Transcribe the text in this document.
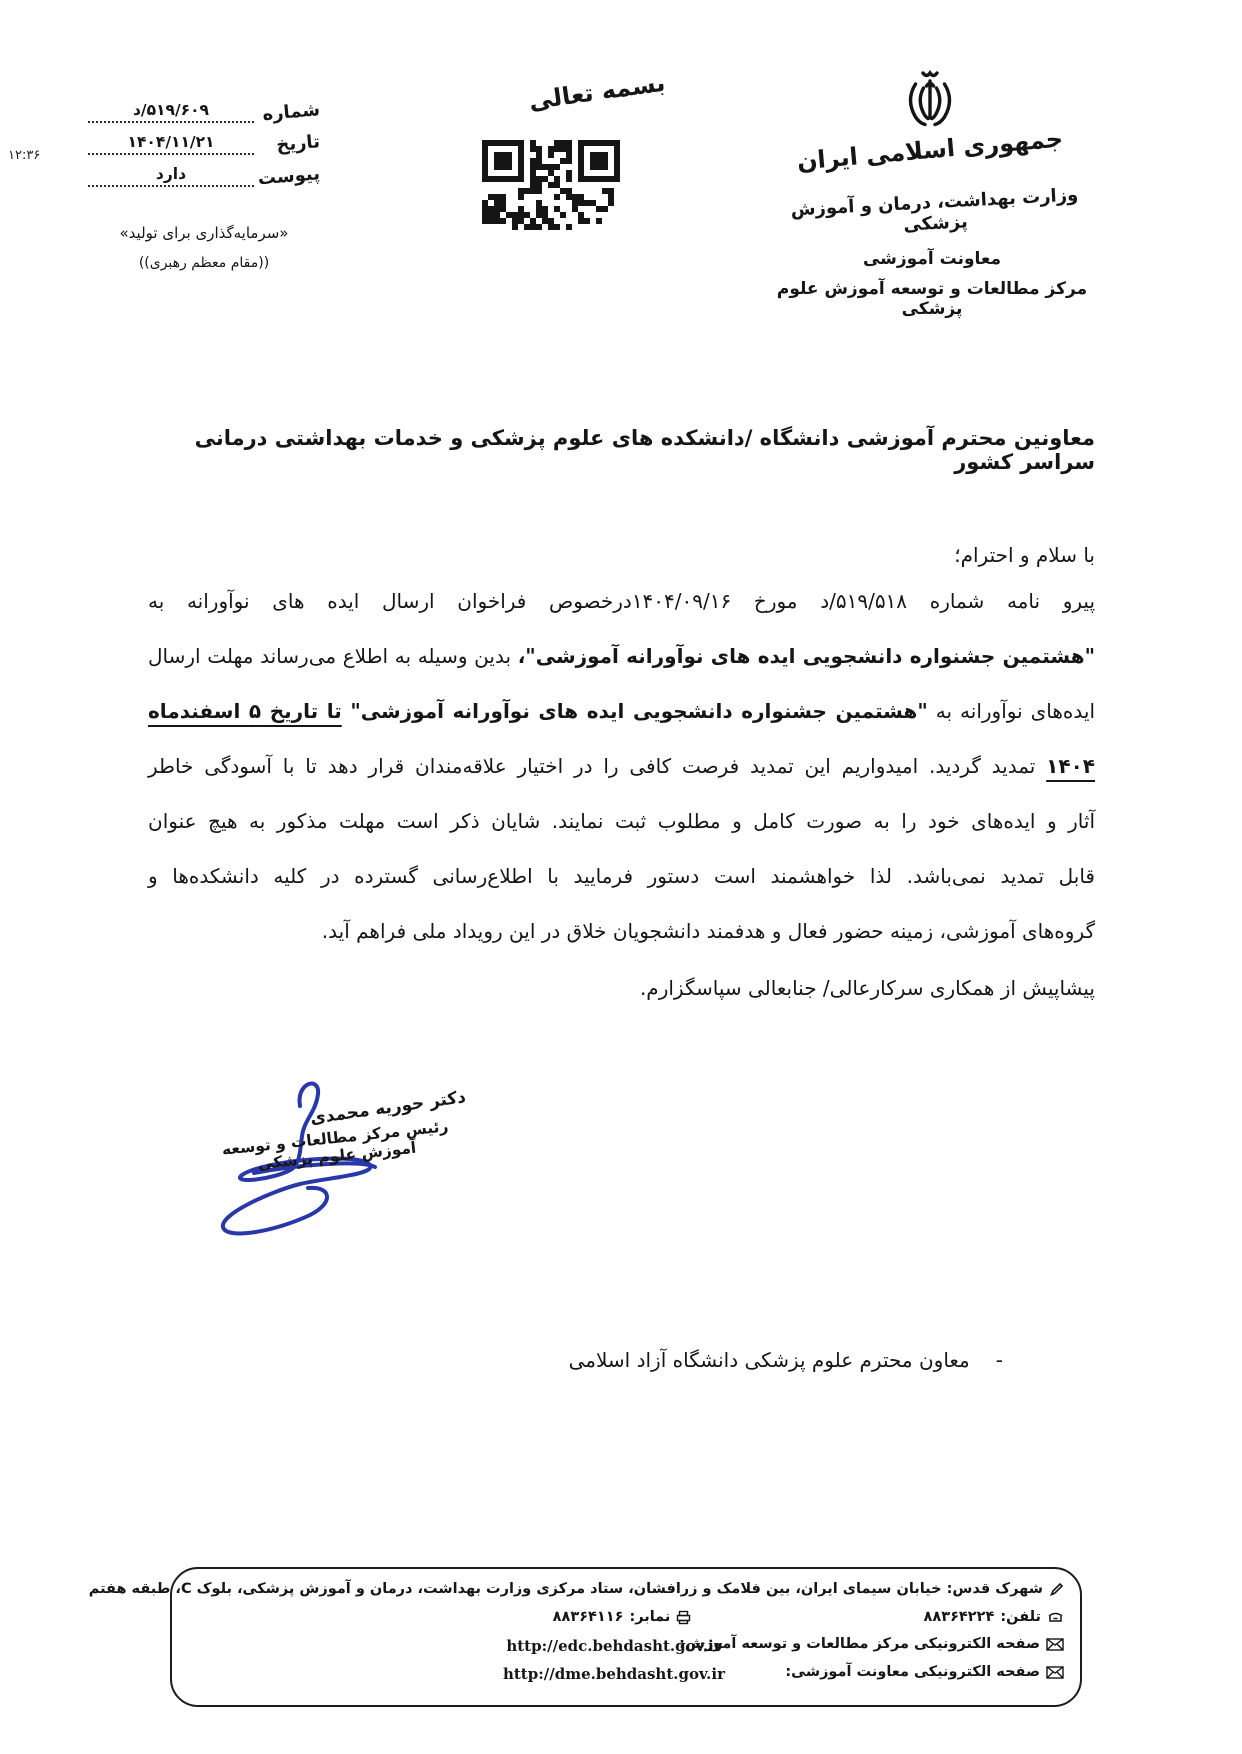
۱۲:۳۶
شماره
د/۵۱۹/۶۰۹
تاریخ
۱۴۰۴/۱۱/۲۱
پیوست
دارد
«سرمایه‌گذاری برای تولید»
((مقام معظم رهبری))
بسمه تعالی
جمهوری اسلامی ایران
وزارت بهداشت، درمان و آموزش پزشکی
معاونت آموزشی
مرکز مطالعات و توسعه آموزش علوم پزشکی
معاونین محترم آموزشی دانشگاه /دانشکده های علوم پزشکی و خدمات بهداشتی درمانی سراسر کشور
با سلام و احترام؛
پیرو نامه شماره د/۵۱۹/۵۱۸ مورخ ۱۴۰۴/۰۹/۱۶درخصوص فراخوان ارسال ایده های نوآورانه به
"هشتمین جشنواره دانشجویی ایده های نوآورانه آموزشی"، بدین وسیله به اطلاع می‌رساند مهلت ارسال
ایده‌های نوآورانه به "هشتمین جشنواره دانشجویی ایده های نوآورانه آموزشی" تا تاریخ ۵ اسفندماه
۱۴۰۴ تمدید گردید. امیدواریم این تمدید فرصت کافی را در اختیار علاقه‌مندان قرار دهد تا با آسودگی خاطر
آثار و ایده‌های خود را به صورت کامل و مطلوب ثبت نمایند. شایان ذکر است مهلت مذکور به هیچ عنوان
قابل تمدید نمی‌باشد. لذا خواهشمند است دستور فرمایید با اطلاع‌رسانی گسترده در کلیه دانشکده‌ها و
گروه‌های آموزشی، زمینه حضور فعال و هدفمند دانشجویان خلاق در این رویداد ملی فراهم آید.
پیشاپیش از همکاری سرکارعالی/ جنابعالی سپاسگزارم.
دکتر حوریه محمدی
رئیس مرکز مطالعات و توسعه آموزش علوم پزشکی
-معاون محترم علوم پزشکی دانشگاه آزاد اسلامی
شهرک قدس: خیابان سیمای ایران، بین فلامک و زرافشان، ستاد مرکزی وزارت بهداشت، درمان و آموزش پزشکی، بلوک C، طبقه هفتم
تلفن:
۸۸۳۶۴۲۲۴
نمابر:
۸۸۳۶۴۱۱۶
صفحه الکترونیکی مرکز مطالعات و توسعه آموزش:
http://edc.behdasht.gov.ir
صفحه الکترونیکی معاونت آموزشی:
http://dme.behdasht.gov.ir
